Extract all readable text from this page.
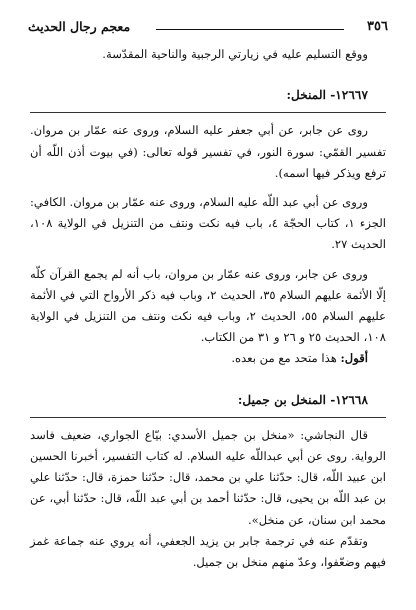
معجم رجال الحديث	٣٥٦

ووقع التسليم عليه في زيارتي الرجبية والناحية المقدّسة.

١٢٦٦٧- المنخل:

روى عن جابر، عن أبي جعفر عليه السلام، وروى عنه عمّار بن مروان. تفسير القمّي: سورة النور، في تفسير قوله تعالى: (في بيوت أذن اللّه أن ترفع ويذكر فيها اسمه).

وروى عن أبي عبد اللّه عليه السلام، وروى عنه عمّار بن مروان. الكافي: الجزء ١، كتاب الحجّة ٤، باب فيه نكت ونتف من التنزيل في الولاية ١٠٨، الحديث ٢٧.

وروى عن جابر، وروى عنه عمّار بن مروان، باب أنه لم يجمع القرآن كلّه إلّا الأئمة عليهم السلام ٣٥، الحديث ٢، وباب فيه ذكر الأرواح التي في الأئمة عليهم السلام ٥٥، الحديث ٢، وباب فيه نكت ونتف من التنزيل في الولاية ١٠٨، الحديث ٢٥ و ٢٦ و ٣١ من الكتاب.

أقول: هذا متحد مع من بعده.

١٢٦٦٨- المنخل بن جميل:

قال النجاشي: «منخل بن جميل الأسدي: بيّاع الجواري، ضعيف فاسد الرواية. روى عن أبي عبداللّه عليه السلام. له كتاب التفسير، أخبرنا الحسين ابن عبيد اللّه، قال: حدّثنا علي بن محمد، قال: حدّثنا حمزة، قال: حدّثنا علي بن عبد اللّه بن يحيى، قال: حدّثنا أحمد بن أبي عبد اللّه، قال: حدّثنا أبي، عن محمد ابن سنان، عن منخل».

وتقدّم عنه في ترجمة جابر بن يزيد الجعفي، أنه يروي عنه جماعة غمز فيهم وضعّفوا، وعدّ منهم منخل بن جميل.
